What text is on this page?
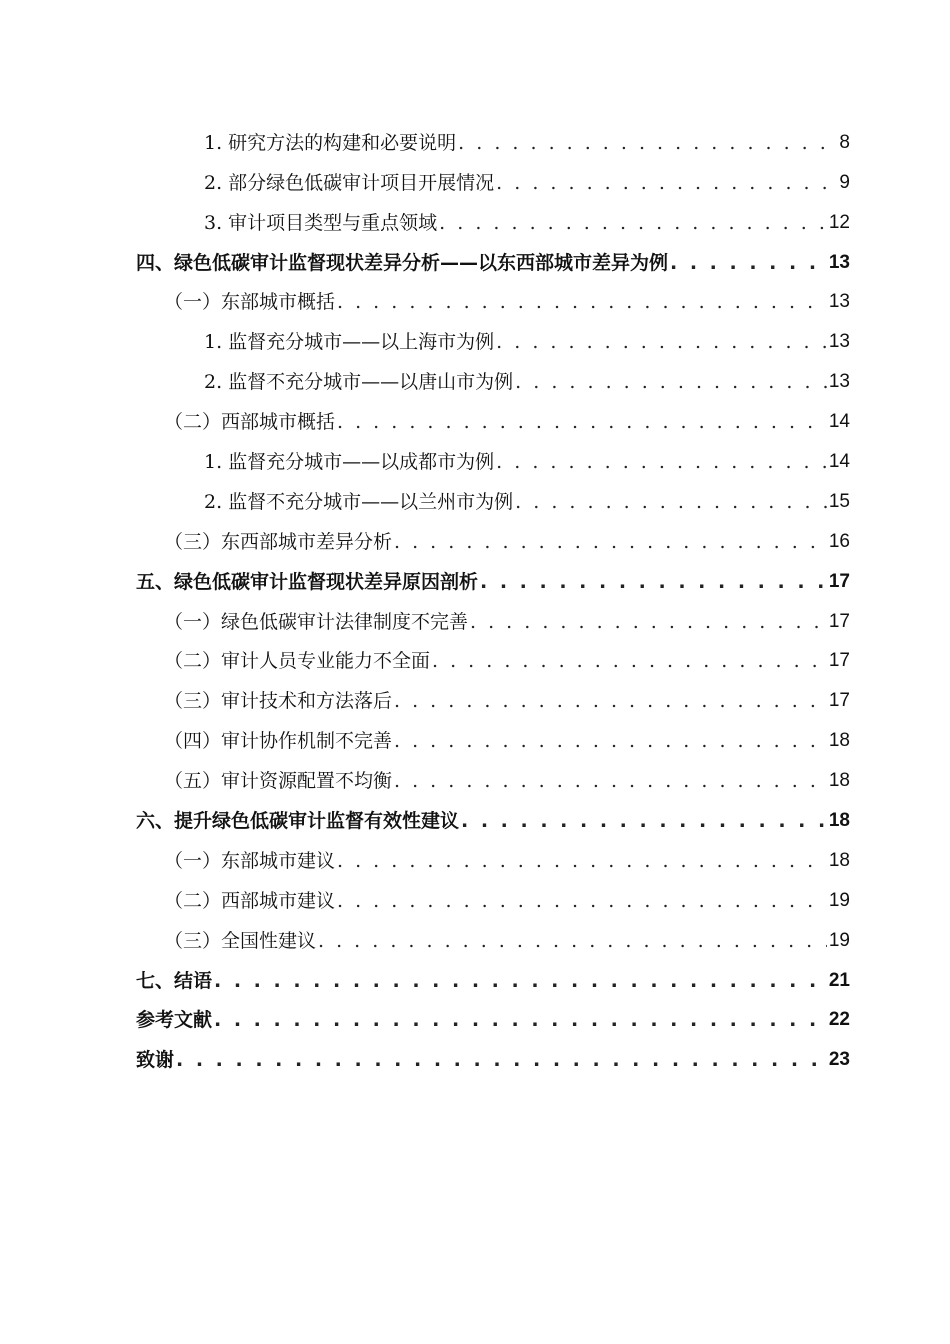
1. 研究方法的构建和必要说明 . . .	8
2. 部分绿色低碳审计项目开展情况 . . .	9
3. 审计项目类型与重点领域 . . .	12
四、绿色低碳审计监督现状差异分析——以东西部城市差异为例 . . .	13
（一）东部城市概括 . . .	13
1. 监督充分城市——以上海市为例 . . .	13
2. 监督不充分城市——以唐山市为例 . . .	13
（二）西部城市概括 . . .	14
1. 监督充分城市——以成都市为例 . . .	14
2. 监督不充分城市——以兰州市为例 . . .	15
（三）东西部城市差异分析 . . .	16
五、绿色低碳审计监督现状差异原因剖析 . . .	17
（一）绿色低碳审计法律制度不完善 . . .	17
（二）审计人员专业能力不全面 . . .	17
（三）审计技术和方法落后 . . .	17
（四）审计协作机制不完善 . . .	18
（五）审计资源配置不均衡 . . .	18
六、提升绿色低碳审计监督有效性建议 . . .	18
（一）东部城市建议 . . .	18
（二）西部城市建议 . . .	19
（三）全国性建议 . . .	19
七、结语 . . .	21
参考文献 . . .	22
致谢 . . .	23
